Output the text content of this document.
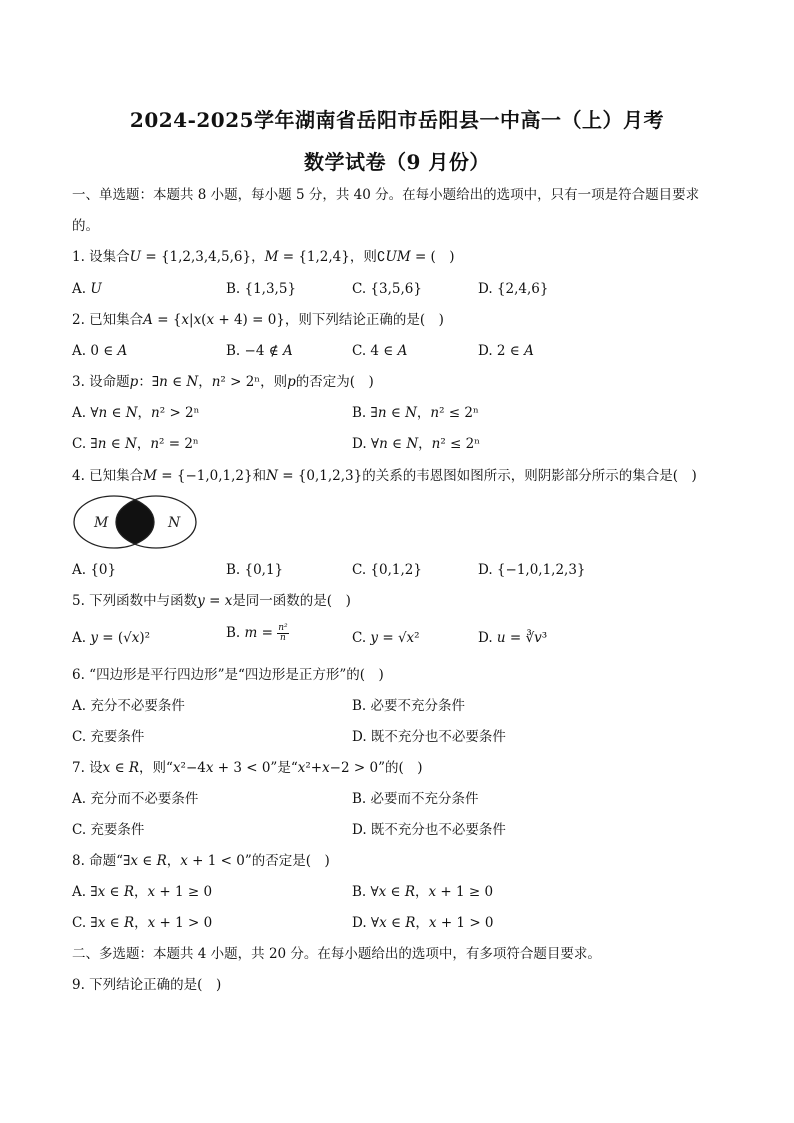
2024-2025学年湖南省岳阳市岳阳县一中高一（上）月考
数学试卷（9 月份）
一、单选题：本题共 8 小题，每小题 5 分，共 40 分。在每小题给出的选项中，只有一项是符合题目要求
的。
1. 设集合𝑈 = {1,2,3,4,5,6}，𝑀 = {1,2,4}，则∁𝑈𝑀 = (　)
A. 𝑈	B. {1,3,5}	C. {3,5,6}	D. {2,4,6}
2. 已知集合𝐴 = {𝑥|𝑥(𝑥 + 4) = 0}，则下列结论正确的是(　)
A. 0 ∈ 𝐴	B. −4 ∉ 𝐴	C. 4 ∈ 𝐴	D. 2 ∈ 𝐴
3. 设命题𝑝：∃𝑛 ∈ 𝑁，𝑛² > 2ⁿ，则𝑝的否定为(　)
A. ∀𝑛 ∈ 𝑁，𝑛² > 2ⁿ	B. ∃𝑛 ∈ 𝑁，𝑛² ≤ 2ⁿ
C. ∃𝑛 ∈ 𝑁，𝑛² = 2ⁿ	D. ∀𝑛 ∈ 𝑁，𝑛² ≤ 2ⁿ
4. 已知集合𝑀 = {−1,0,1,2}和𝑁 = {0,1,2,3}的关系的韦恩图如图所示，则阴影部分所示的集合是(　)
M	N
A. {0}	B. {0,1}	C. {0,1,2}	D. {−1,0,1,2,3}
5. 下列函数中与函数𝑦 = 𝑥是同一函数的是(　)
A. 𝑦 = (√𝑥)²	B. 𝑚 = $\frac{\text{n²}}{n}$	C. 𝑦 = √𝑥²	D. 𝑢 = ∛𝑣³
6. “四边形是平行四边形”是“四边形是正方形”的(　)
A. 充分不必要条件	B. 必要不充分条件
C. 充要条件	D. 既不充分也不必要条件
7. 设𝑥 ∈ 𝑅，则“𝑥²−4𝑥 + 3 < 0”是“𝑥²+𝑥−2 > 0”的(　)
A. 充分而不必要条件	B. 必要而不充分条件
C. 充要条件	D. 既不充分也不必要条件
8. 命题“∃𝑥 ∈ 𝑅，𝑥 + 1 < 0”的否定是(　)
A. ∃𝑥 ∈ 𝑅，𝑥 + 1 ≥ 0	B. ∀𝑥 ∈ 𝑅，𝑥 + 1 ≥ 0
C. ∃𝑥 ∈ 𝑅，𝑥 + 1 > 0	D. ∀𝑥 ∈ 𝑅，𝑥 + 1 > 0
二、多选题：本题共 4 小题，共 20 分。在每小题给出的选项中，有多项符合题目要求。
9. 下列结论正确的是(　)
